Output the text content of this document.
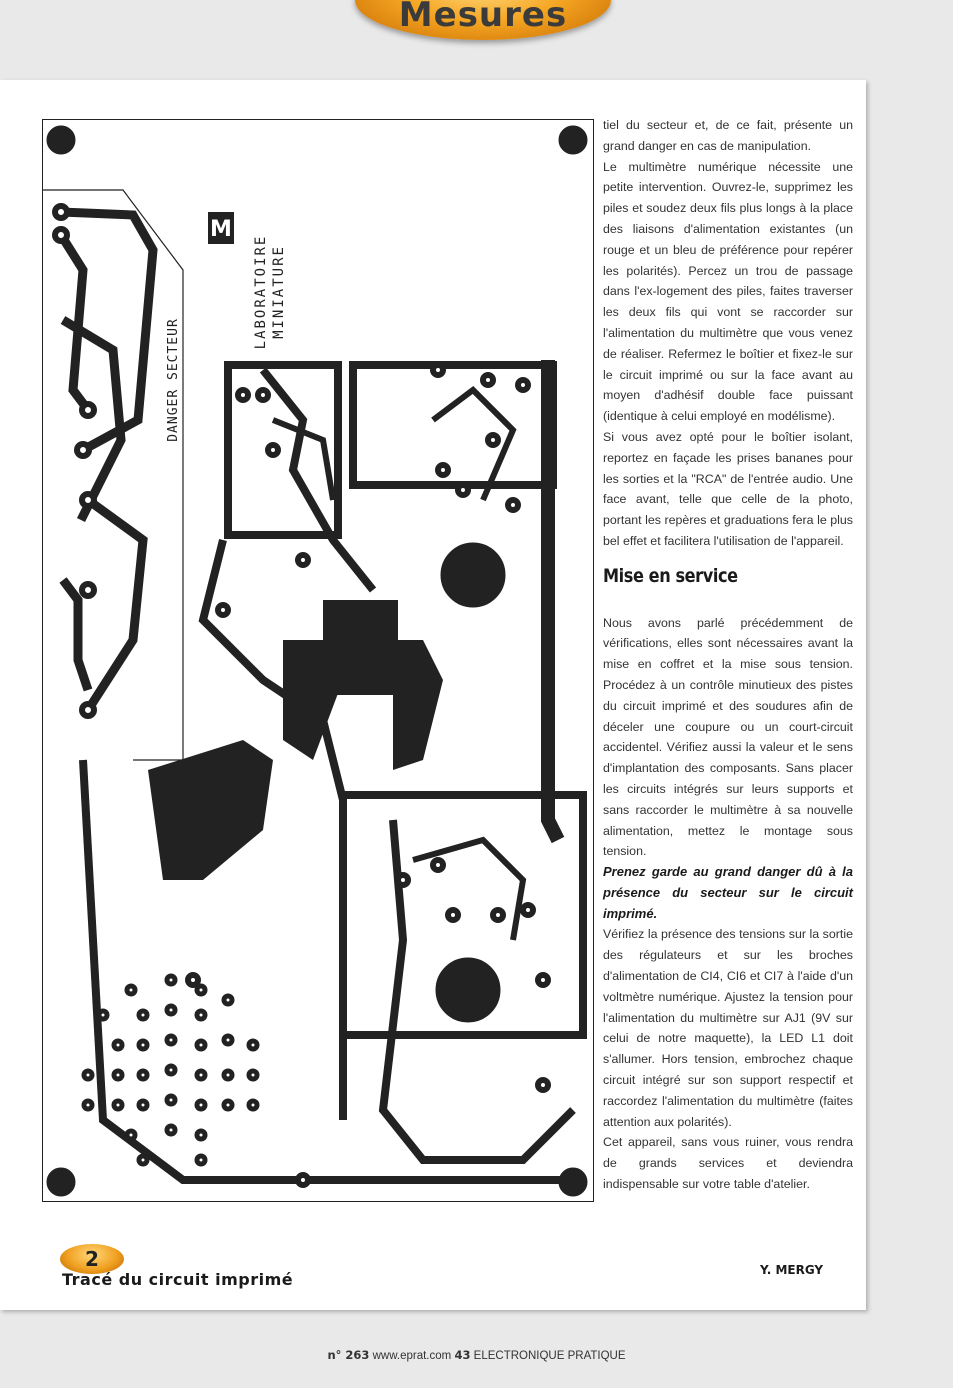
Mesures
M
LABORATOIRE MINIATURE
DANGER SECTEUR

tiel du secteur et, de ce fait, présente un grand danger en cas de manipulation.

Le multimètre numérique nécessite une petite intervention. Ouvrez-le, supprimez les piles et soudez deux fils plus longs à la place des liaisons d'alimentation existantes (un rouge et un bleu de préférence pour repérer les polarités). Percez un trou de passage dans l'ex-logement des piles, faites traverser les deux fils qui vont se raccorder sur l'alimentation du multimètre que vous venez de réaliser. Refermez le boîtier et fixez-le sur le circuit imprimé ou sur la face avant au moyen d'adhésif double face puissant (identique à celui employé en modélisme).

Si vous avez opté pour le boîtier isolant, reportez en façade les prises bananes pour les sorties et la "RCA" de l'entrée audio. Une face avant, telle que celle de la photo, portant les repères et graduations fera le plus bel effet et facilitera l'utilisation de l'appareil.

Mise en service

Nous avons parlé précédemment de vérifications, elles sont nécessaires avant la mise en coffret et la mise sous tension. Procédez à un contrôle minutieux des pistes du circuit imprimé et des soudures afin de déceler une coupure ou un court-circuit accidentel. Vérifiez aussi la valeur et le sens d'implantation des composants. Sans placer les circuits intégrés sur leurs supports et sans raccorder le multimètre à sa nouvelle alimentation, mettez le montage sous tension.

Prenez garde au grand danger dû à la présence du secteur sur le circuit imprimé.

Vérifiez la présence des tensions sur la sortie des régulateurs et sur les broches d'alimentation de CI4, CI6 et CI7 à l'aide d'un voltmètre numérique. Ajustez la tension pour l'alimentation du multimètre sur AJ1 (9V sur celui de notre maquette), la LED L1 doit s'allumer. Hors tension, embrochez chaque circuit intégré sur son support respectif et raccordez l'alimentation du multimètre (faites attention aux polarités).

Cet appareil, sans vous ruiner, vous rendra de grands services et deviendra indispensable sur votre table d'atelier.

2
Tracé du circuit imprimé	Y. MERGY
n° 263 www.eprat.com 43 ELECTRONIQUE PRATIQUE
